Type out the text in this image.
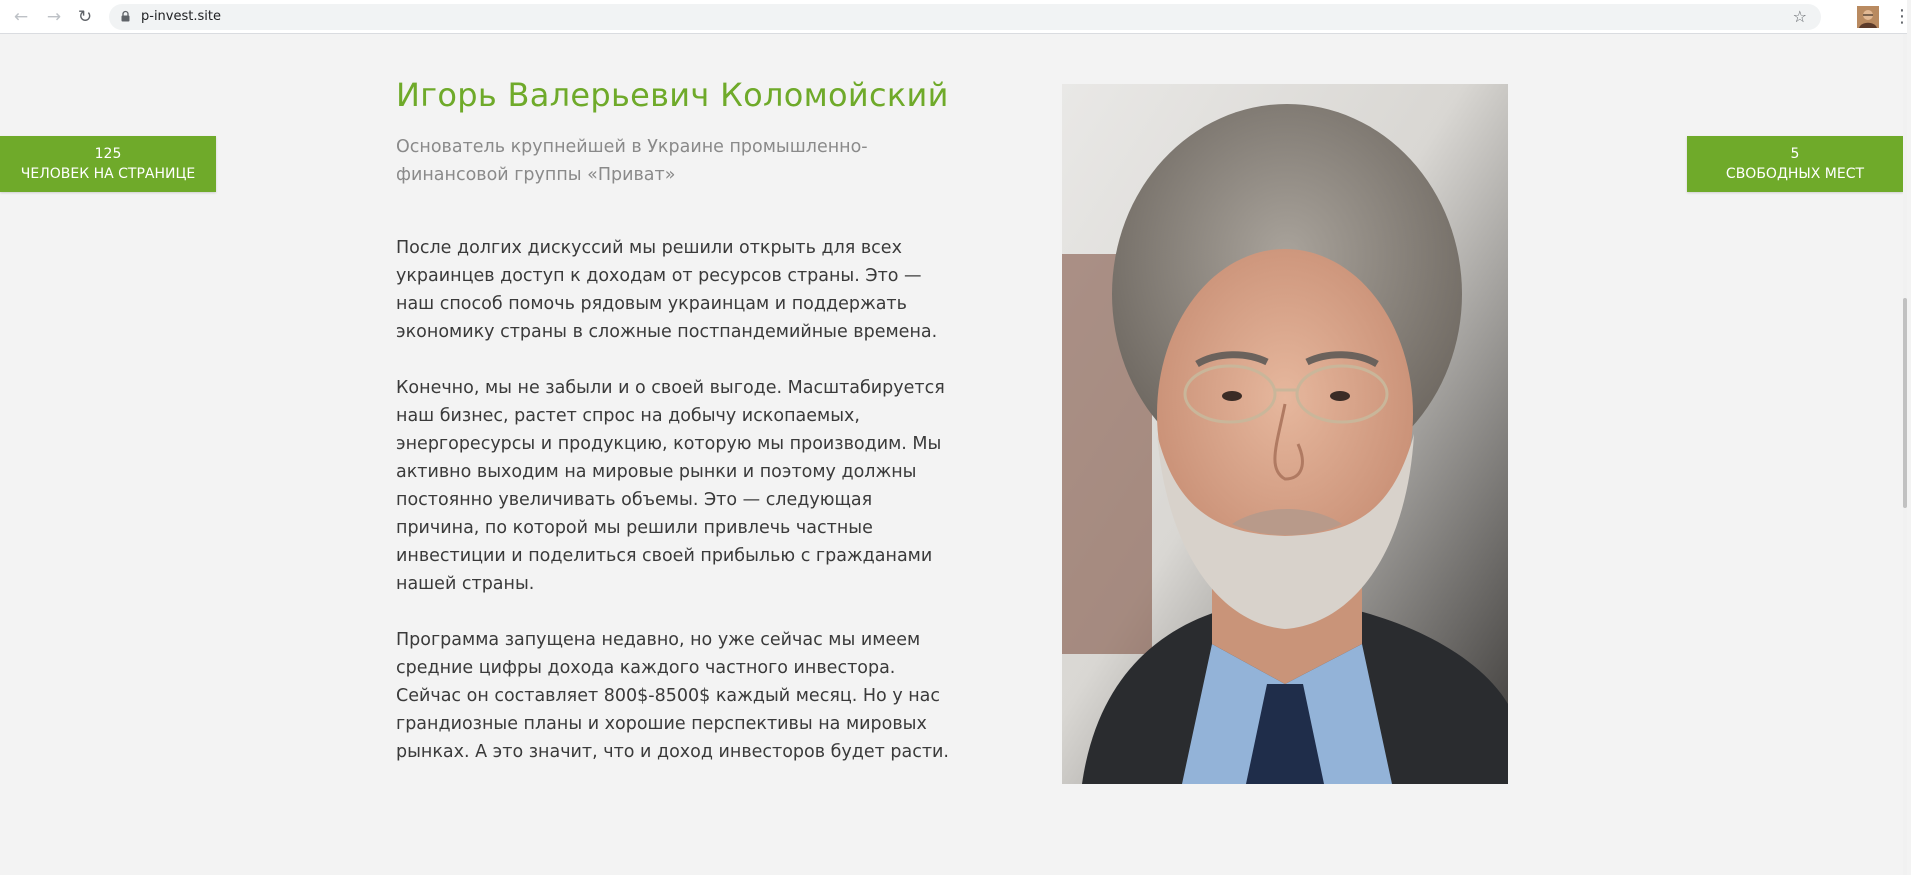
← → ↻	p-invest.site	☆	⋮
125
ЧЕЛОВЕК НА СТРАНИЦЕ
5
СВОБОДНЫХ МЕСТ
Игорь Валерьевич Коломойский
Основатель крупнейшей в Украине промышленно-финансовой группы «Приват»
После долгих дискуссий мы решили открыть для всех украинцев доступ к доходам от ресурсов страны. Это — наш способ помочь рядовым украинцам и поддержать экономику страны в сложные постпандемийные времена.
Конечно, мы не забыли и о своей выгоде. Масштабируется наш бизнес, растет спрос на добычу ископаемых, энергоресурсы и продукцию, которую мы производим. Мы активно выходим на мировые рынки и поэтому должны постоянно увеличивать объемы. Это — следующая причина, по которой мы решили привлечь частные инвестиции и поделиться своей прибылью с гражданами нашей страны.
Программа запущена недавно, но уже сейчас мы имеем средние цифры дохода каждого частного инвестора. Сейчас он составляет 800$-8500$ каждый месяц. Но у нас грандиозные планы и хорошие перспективы на мировых рынках. А это значит, что и доход инвесторов будет расти.
